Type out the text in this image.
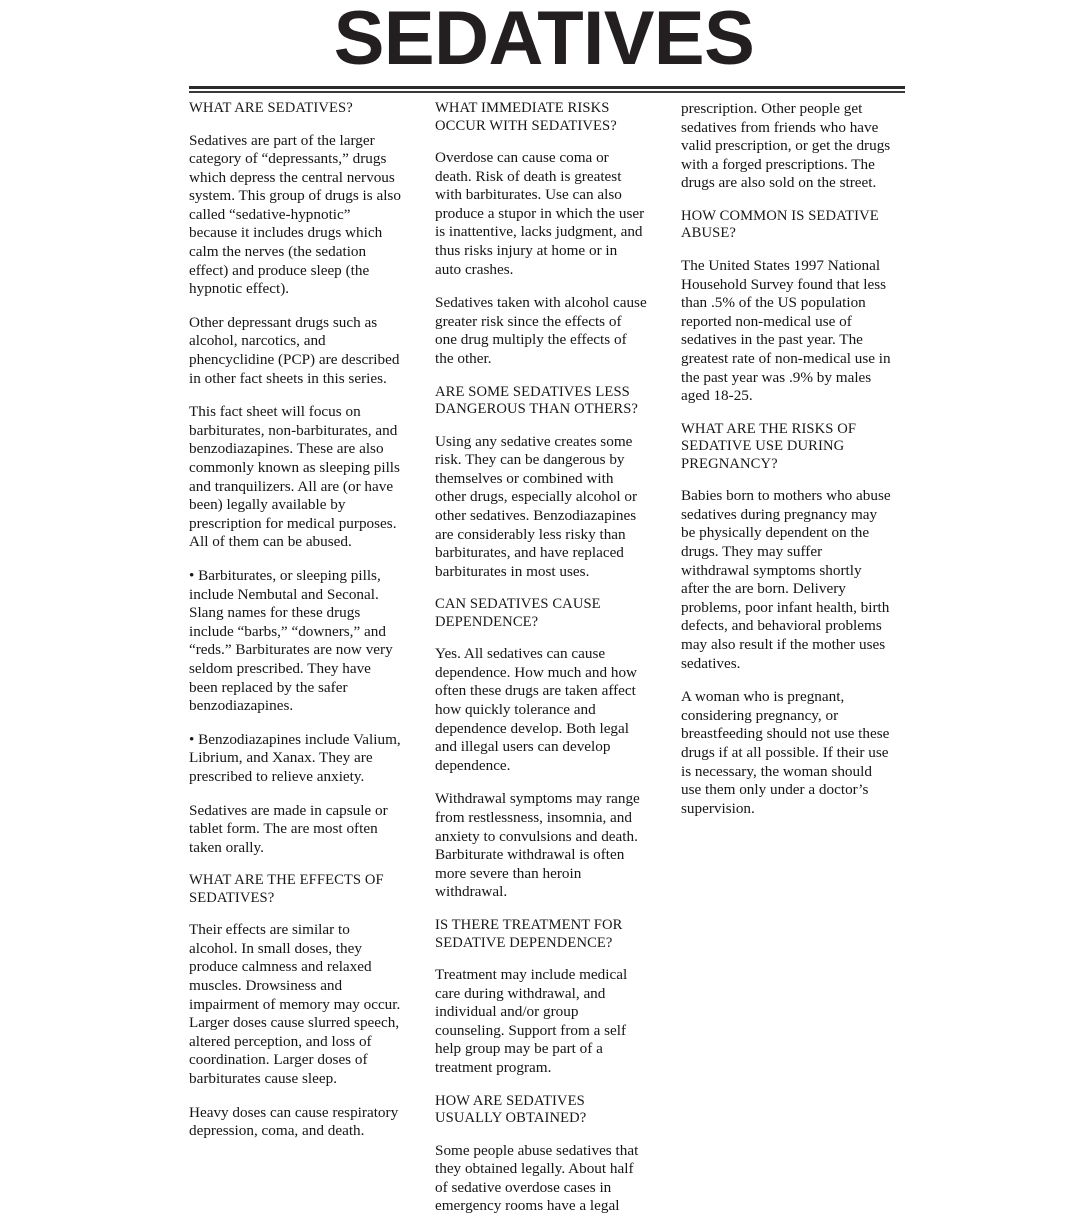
SEDATIVES
WHAT ARE SEDATIVES?

Sedatives are part of the larger category of “depressants,” drugs which depress the central nervous system. This group of drugs is also called “sedative-hypnotic” because it includes drugs which calm the nerves (the sedation effect) and produce sleep (the hypnotic effect).

Other depressant drugs such as alcohol, narcotics, and phencyclidine (PCP) are described in other fact sheets in this series.

This fact sheet will focus on barbiturates, non-barbiturates, and benzodiazapines. These are also commonly known as sleeping pills and tranquilizers. All are (or have been) legally available by prescription for medical purposes. All of them can be abused.

• Barbiturates, or sleeping pills, include Nembutal and Seconal. Slang names for these drugs include “barbs,” “downers,” and “reds.” Barbiturates are now very seldom prescribed. They have been replaced by the safer benzodiazapines.

• Benzodiazapines include Valium, Librium, and Xanax. They are prescribed to relieve anxiety.

Sedatives are made in capsule or tablet form. The are most often taken orally.

WHAT ARE THE EFFECTS OF SEDATIVES?

Their effects are similar to alcohol. In small doses, they produce calmness and relaxed muscles. Drowsiness and impairment of memory may occur. Larger doses cause slurred speech, altered perception, and loss of coordination. Larger doses of barbiturates cause sleep.

Heavy doses can cause respiratory depression, coma, and death.

WHAT IMMEDIATE RISKS OCCUR WITH SEDATIVES?

Overdose can cause coma or death. Risk of death is greatest with barbiturates. Use can also produce a stupor in which the user is inattentive, lacks judgment, and thus risks injury at home or in auto crashes.

Sedatives taken with alcohol cause greater risk since the effects of one drug multiply the effects of the other.

ARE SOME SEDATIVES LESS DANGEROUS THAN OTHERS?

Using any sedative creates some risk. They can be dangerous by themselves or combined with other drugs, especially alcohol or other sedatives. Benzodiazapines are considerably less risky than barbiturates, and have replaced barbiturates in most uses.

CAN SEDATIVES CAUSE DEPENDENCE?

Yes. All sedatives can cause dependence. How much and how often these drugs are taken affect how quickly tolerance and dependence develop. Both legal and illegal users can develop dependence.

Withdrawal symptoms may range from restlessness, insomnia, and anxiety to convulsions and death. Barbiturate withdrawal is often more severe than heroin withdrawal.

IS THERE TREATMENT FOR SEDATIVE DEPENDENCE?

Treatment may include medical care during withdrawal, and individual and/or group counseling. Support from a self help group may be part of a treatment program.

HOW ARE SEDATIVES USUALLY OBTAINED?

Some people abuse sedatives that they obtained legally. About half of sedative overdose cases in emergency rooms have a legal

prescription. Other people get sedatives from friends who have valid prescription, or get the drugs with a forged prescriptions. The drugs are also sold on the street.

HOW COMMON IS SEDATIVE ABUSE?

The United States 1997 National Household Survey found that less than .5% of the US population reported non-medical use of sedatives in the past year. The greatest rate of non-medical use in the past year was .9% by males aged 18-25.

WHAT ARE THE RISKS OF SEDATIVE USE DURING PREGNANCY?

Babies born to mothers who abuse sedatives during pregnancy may be physically dependent on the drugs. They may suffer withdrawal symptoms shortly after the are born. Delivery problems, poor infant health, birth defects, and behavioral problems may also result if the mother uses sedatives.

A woman who is pregnant, considering pregnancy, or breastfeeding should not use these drugs if at all possible. If their use is necessary, the woman should use them only under a doctor’s supervision.
